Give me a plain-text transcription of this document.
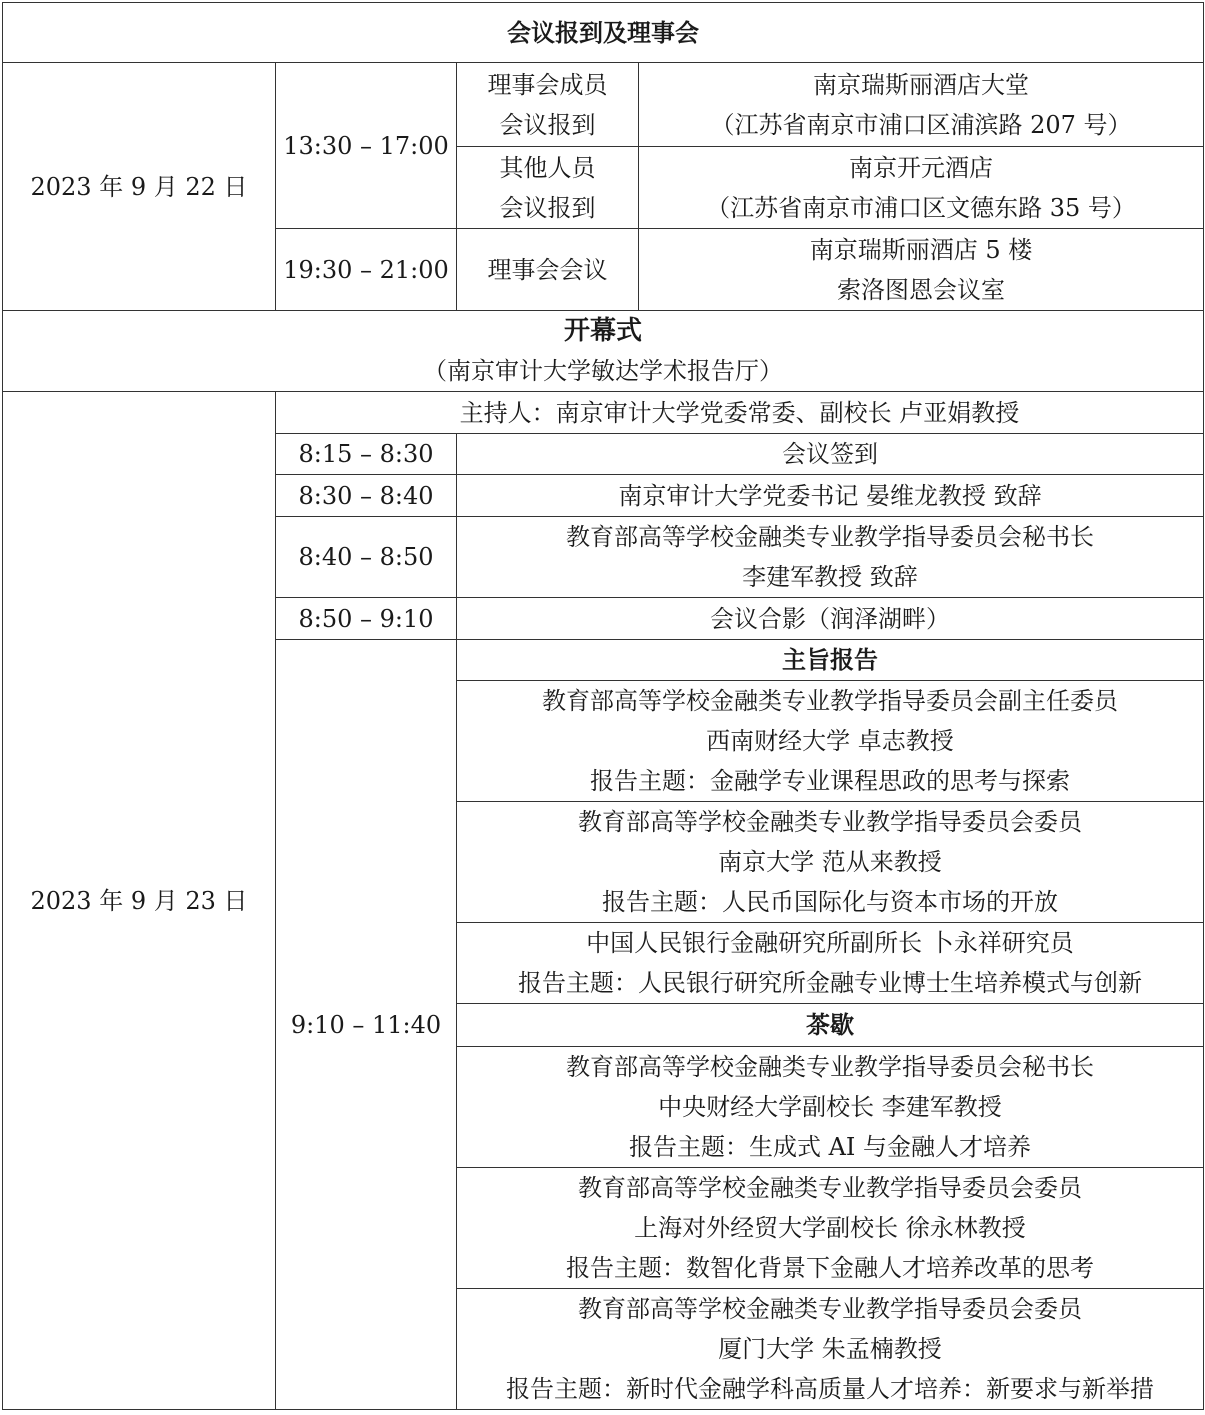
会议报到及理事会			
2023 年 9 月 22 日	13:30 – 17:00	理事会成员
会议报到	南京瑞斯丽酒店大堂
（江苏省南京市浦口区浦滨路 207 号）

		其他人员
会议报到	南京开元酒店
（江苏省南京市浦口区文德东路 35 号）

	19:30 – 21:00	理事会会议	南京瑞斯丽酒店 5 楼
索洛图恩会议室

开幕式
（南京审计大学敏达学术报告厅）			

2023 年 9 月 23 日	主持人：南京审计大学党委常委、副校长 卢亚娟教授		
	8:15 – 8:30	会议签到	
	8:30 – 8:40	南京审计大学党委书记 晏维龙教授 致辞	
	8:40 – 8:50	教育部高等学校金融类专业教学指导委员会秘书长
李建军教授 致辞	

	8:50 – 9:10	会议合影（润泽湖畔）	
	9:10 – 11:40	主旨报告	

		教育部高等学校金融类专业教学指导委员会副主任委员
西南财经大学 卓志教授
报告主题：金融学专业课程思政的思考与探索	

		教育部高等学校金融类专业教学指导委员会委员
南京大学 范从来教授
报告主题：人民币国际化与资本市场的开放	

		中国人民银行金融研究所副所长 卜永祥研究员
报告主题：人民银行研究所金融专业博士生培养模式与创新	

		茶歇	

		教育部高等学校金融类专业教学指导委员会秘书长
中央财经大学副校长 李建军教授
报告主题：生成式 AI 与金融人才培养	

		教育部高等学校金融类专业教学指导委员会委员
上海对外经贸大学副校长 徐永林教授
报告主题：数智化背景下金融人才培养改革的思考	

		教育部高等学校金融类专业教学指导委员会委员
厦门大学 朱孟楠教授
报告主题：新时代金融学科高质量人才培养：新要求与新举措	
